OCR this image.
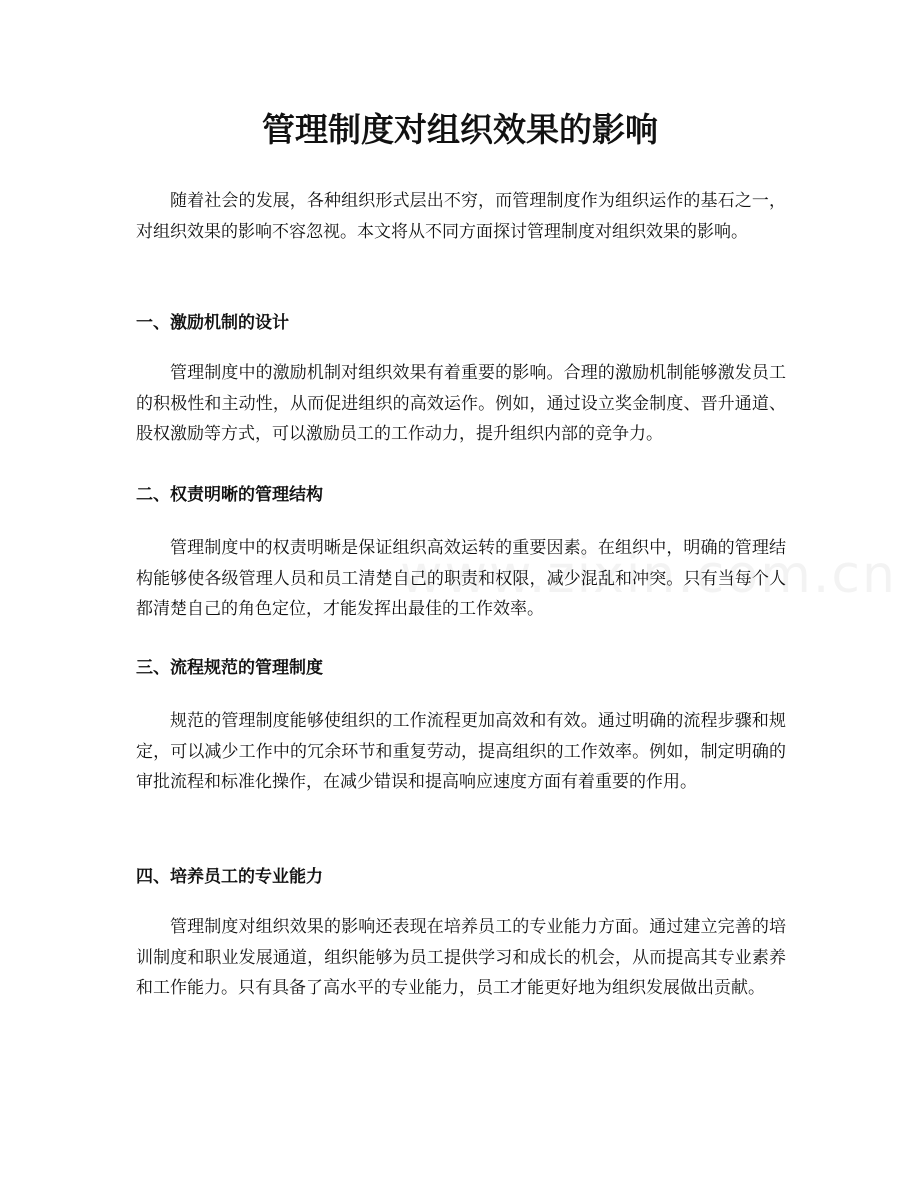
管理制度对组织效果的影响

随着社会的发展，各种组织形式层出不穷，而管理制度作为组织运作的基石之一，对组织效果的影响不容忽视。本文将从不同方面探讨管理制度对组织效果的影响。

一、激励机制的设计

管理制度中的激励机制对组织效果有着重要的影响。合理的激励机制能够激发员工的积极性和主动性，从而促进组织的高效运作。例如，通过设立奖金制度、晋升通道、股权激励等方式，可以激励员工的工作动力，提升组织内部的竞争力。

二、权责明晰的管理结构

管理制度中的权责明晰是保证组织高效运转的重要因素。在组织中，明确的管理结构能够使各级管理人员和员工清楚自己的职责和权限，减少混乱和冲突。只有当每个人都清楚自己的角色定位，才能发挥出最佳的工作效率。

三、流程规范的管理制度

规范的管理制度能够使组织的工作流程更加高效和有效。通过明确的流程步骤和规定，可以减少工作中的冗余环节和重复劳动，提高组织的工作效率。例如，制定明确的审批流程和标准化操作，在减少错误和提高响应速度方面有着重要的作用。

四、培养员工的专业能力

管理制度对组织效果的影响还表现在培养员工的专业能力方面。通过建立完善的培训制度和职业发展通道，组织能够为员工提供学习和成长的机会，从而提高其专业素养和工作能力。只有具备了高水平的专业能力，员工才能更好地为组织发展做出贡献。
